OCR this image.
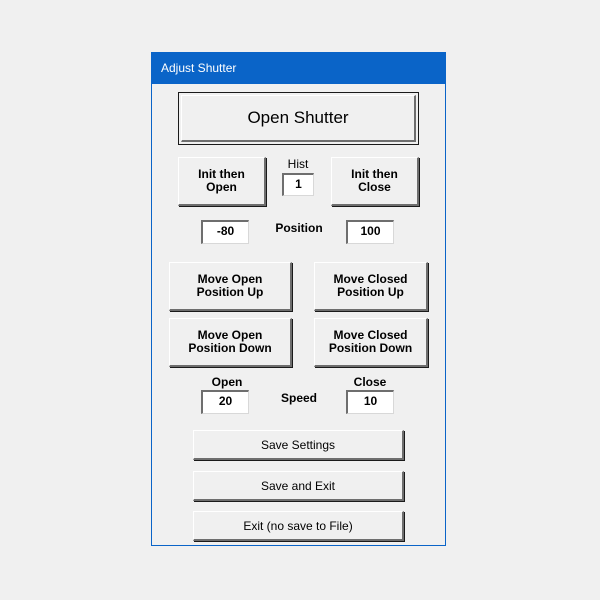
Adjust Shutter
Open Shutter
Init then
Open
Hist
1
Init then
Close
-80	Position	100
Move Open
Position Up
Move Closed
Position Up
Move Open
Position Down
Move Closed
Position Down
Open	Close
20	Speed	10
Save Settings
Save and Exit
Exit (no save to File)
